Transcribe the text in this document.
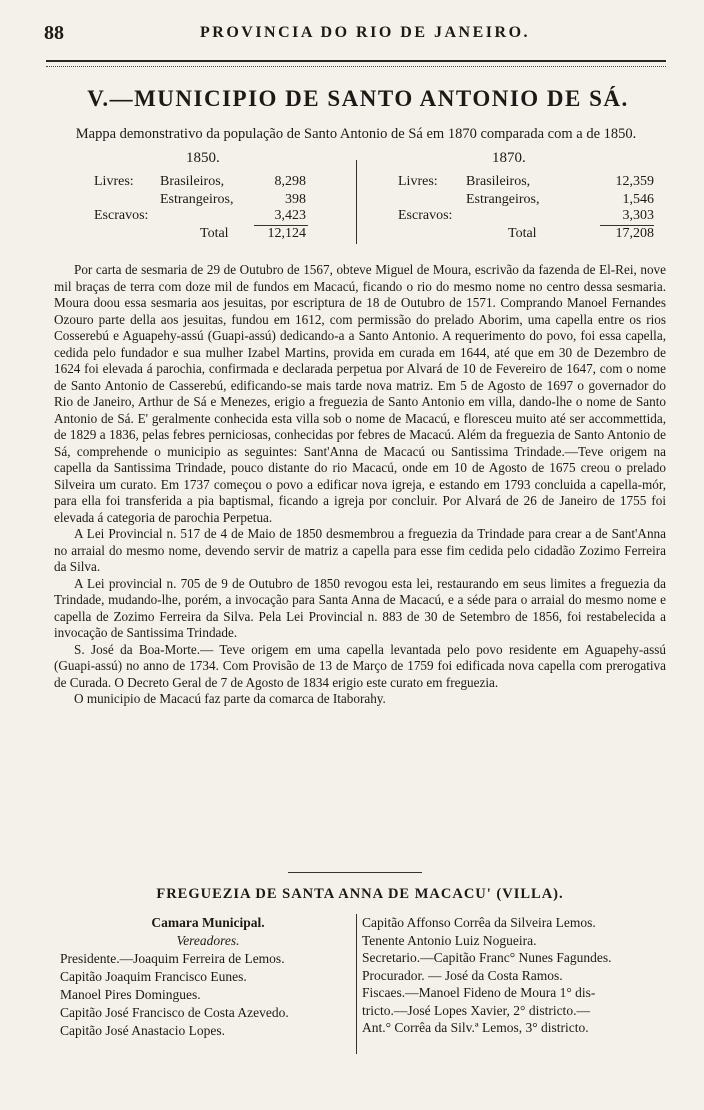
88	PROVINCIA DO RIO DE JANEIRO.
V.—MUNICIPIO DE SANTO ANTONIO DE SÁ.
Mappa demonstrativo da população de Santo Antonio de Sá em 1870 comparada com a de 1850.
1850.
Livres: Brasileiros,	8,298
Estrangeiros,	398
Escravos:	3,423
Total	12,124
1870.
Livres: Brasileiros,	12,359
Estrangeiros,	1,546
Escravos:	3,303
Total	17,208

Por carta de sesmaria de 29 de Outubro de 1567, obteve Miguel de Moura, escrivão da fazenda de El-Rei, nove mil braças de terra com doze mil de fundos em Macacú, ficando o rio do mesmo nome no centro dessa sesmaria. Moura doou essa sesmaria aos jesuitas, por escriptura de 18 de Outubro de 1571. Comprando Manoel Fernandes Ozouro parte della aos jesuitas, fundou em 1612, com permissão do prelado Aborim, uma capella entre os rios Cosserebú e Aguapehy-assú (Guapi-assú) dedicando-a a Santo Antonio. A requerimento do povo, foi essa capella, cedida pelo fundador e sua mulher Izabel Martins, provida em curada em 1644, até que em 30 de Dezembro de 1624 foi elevada á parochia, confirmada e declarada perpetua por Alvará de 10 de Fevereiro de 1647, com o nome de Santo Antonio de Casserebú, edificando-se mais tarde nova matriz. Em 5 de Agosto de 1697 o governador do Rio de Janeiro, Arthur de Sá e Menezes, erigio a freguezia de Santo Antonio em villa, dando-lhe o nome de Santo Antonio de Sá. E' geralmente conhecida esta villa sob o nome de Macacú, e floresceu muito até ser accommettida, de 1829 a 1836, pelas febres perniciosas, conhecidas por febres de Macacú. Além da freguezia de Santo Antonio de Sá, comprehende o municipio as seguintes: Sant'Anna de Macacú ou Santissima Trindade.—Teve origem na capella da Santissima Trindade, pouco distante do rio Macacú, onde em 10 de Agosto de 1675 creou o prelado Silveira um curato. Em 1737 começou o povo a edificar nova igreja, e estando em 1793 concluida a capella-mór, para ella foi transferida a pia baptismal, ficando a igreja por concluir. Por Alvará de 26 de Janeiro de 1755 foi elevada á categoria de parochia Perpetua.

A Lei Provincial n. 517 de 4 de Maio de 1850 desmembrou a freguezia da Trindade para crear a de Sant'Anna no arraial do mesmo nome, devendo servir de matriz a capella para esse fim cedida pelo cidadão Zozimo Ferreira da Silva.

A Lei provincial n. 705 de 9 de Outubro de 1850 revogou esta lei, restaurando em seus limites a freguezia da Trindade, mudando-lhe, porém, a invocação para Santa Anna de Macacú, e a séde para o arraial do mesmo nome e capella de Zozimo Ferreira da Silva. Pela Lei Provincial n. 883 de 30 de Setembro de 1856, foi restabelecida a invocação de Santissima Trindade.

S. José da Boa-Morte.— Teve origem em uma capella levantada pelo povo residente em Aguapehy-assú (Guapi-assú) no anno de 1734. Com Provisão de 13 de Março de 1759 foi edificada nova capella com prerogativa de Curada. O Decreto Geral de 7 de Agosto de 1834 erigio este curato em freguezia.

O municipio de Macacú faz parte da comarca de Itaborahy.

FREGUEZIA DE SANTA ANNA DE MACACU' (VILLA).
Camara Municipal.
Vereadores.
Presidente.—Joaquim Ferreira de Lemos.
Capitão Joaquim Francisco Eunes.
Manoel Pires Domingues.
Capitão José Francisco de Costa Azevedo.
Capitão José Anastacio Lopes.
Capitão Affonso Corrêa da Silveira Lemos.
Tenente Antonio Luiz Nogueira.
Secretario.—Capitão Franc° Nunes Fagundes.
Procurador. — José da Costa Ramos.
Fiscaes.—Manoel Fideno de Moura 1° dis-
tricto.—José Lopes Xavier, 2° districto.—
Ant.° Corrêa da Silv.ª Lemos, 3° districto.
